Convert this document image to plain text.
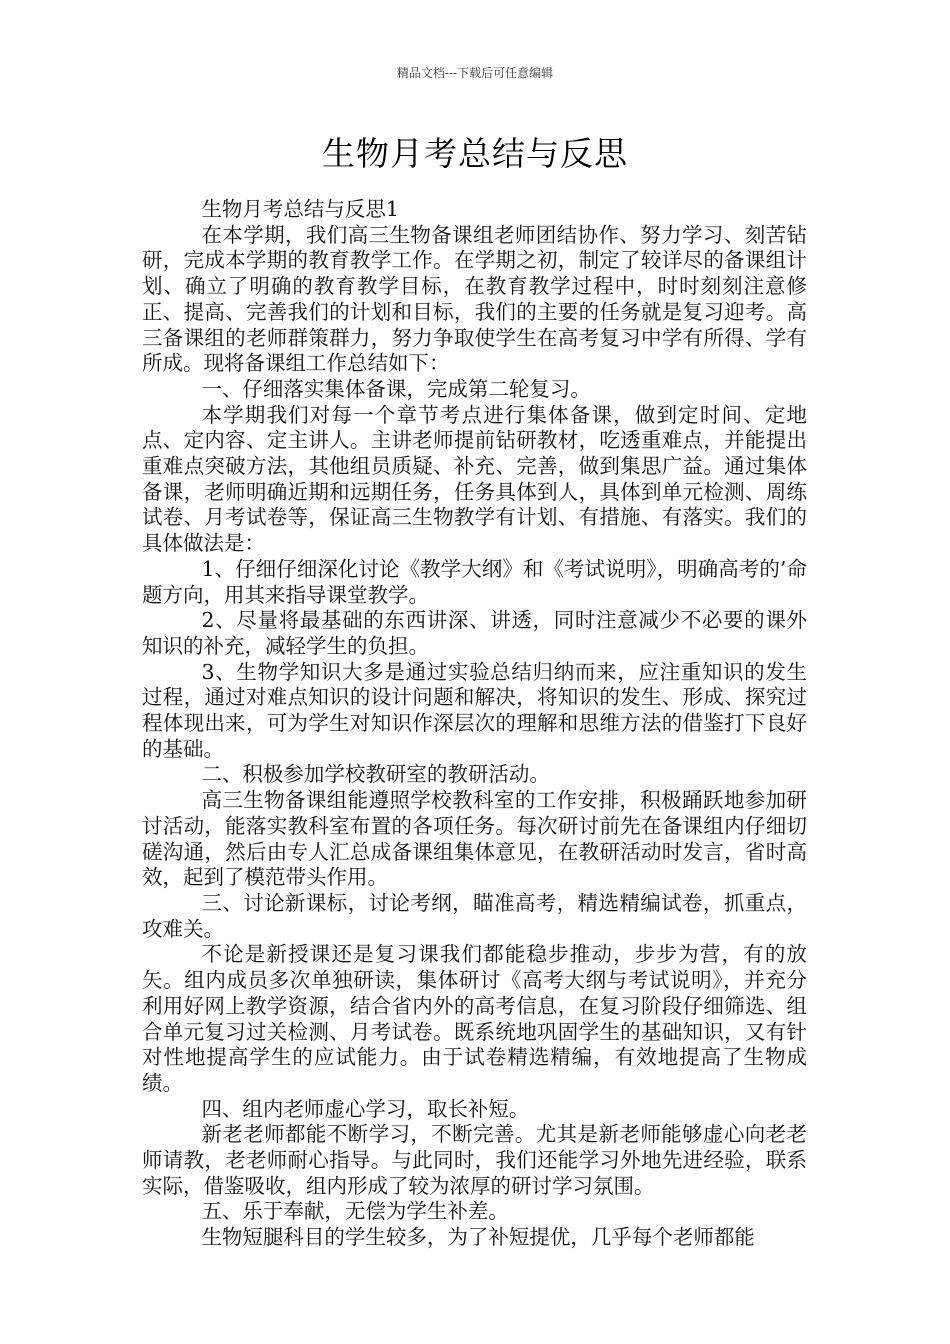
精品文档---下载后可任意编辑
生物月考总结与反思

生物月考总结与反思1

在本学期，我们高三生物备课组老师团结协作、努力学习、刻苦钻研，完成本学期的教育教学工作。在学期之初，制定了较详尽的备课组计划、确立了明确的教育教学目标，在教育教学过程中，时时刻刻注意修正、提高、完善我们的计划和目标，我们的主要的任务就是复习迎考。高三备课组的老师群策群力，努力争取使学生在高考复习中学有所得、学有所成。现将备课组工作总结如下：

一、仔细落实集体备课，完成第二轮复习。

本学期我们对每一个章节考点进行集体备课，做到定时间、定地点、定内容、定主讲人。主讲老师提前钻研教材，吃透重难点，并能提出重难点突破方法，其他组员质疑、补充、完善，做到集思广益。通过集体备课，老师明确近期和远期任务，任务具体到人，具体到单元检测、周练试卷、月考试卷等，保证高三生物教学有计划、有措施、有落实。我们的具体做法是：

1、仔细仔细深化讨论《教学大纲》和《考试说明》，明确高考的’命题方向，用其来指导课堂教学。

2、尽量将最基础的东西讲深、讲透，同时注意减少不必要的课外知识的补充，减轻学生的负担。

3、生物学知识大多是通过实验总结归纳而来，应注重知识的发生过程，通过对难点知识的设计问题和解决，将知识的发生、形成、探究过程体现出来，可为学生对知识作深层次的理解和思维方法的借鉴打下良好的基础。

二、积极参加学校教研室的教研活动。

高三生物备课组能遵照学校教科室的工作安排，积极踊跃地参加研讨活动，能落实教科室布置的各项任务。每次研讨前先在备课组内仔细切磋沟通，然后由专人汇总成备课组集体意见，在教研活动时发言，省时高效，起到了模范带头作用。

三、讨论新课标，讨论考纲，瞄准高考，精选精编试卷，抓重点，攻难关。

不论是新授课还是复习课我们都能稳步推动，步步为营，有的放矢。组内成员多次单独研读，集体研讨《高考大纲与考试说明》，并充分利用好网上教学资源，结合省内外的高考信息，在复习阶段仔细筛选、组合单元复习过关检测、月考试卷。既系统地巩固学生的基础知识，又有针对性地提高学生的应试能力。由于试卷精选精编，有效地提高了生物成绩。

四、组内老师虚心学习，取长补短。

新老老师都能不断学习，不断完善。尤其是新老师能够虚心向老老师请教，老老师耐心指导。与此同时，我们还能学习外地先进经验，联系实际，借鉴吸收，组内形成了较为浓厚的研讨学习氛围。

五、乐于奉献，无偿为学生补差。

生物短腿科目的学生较多，为了补短提优，几乎每个老师都能
